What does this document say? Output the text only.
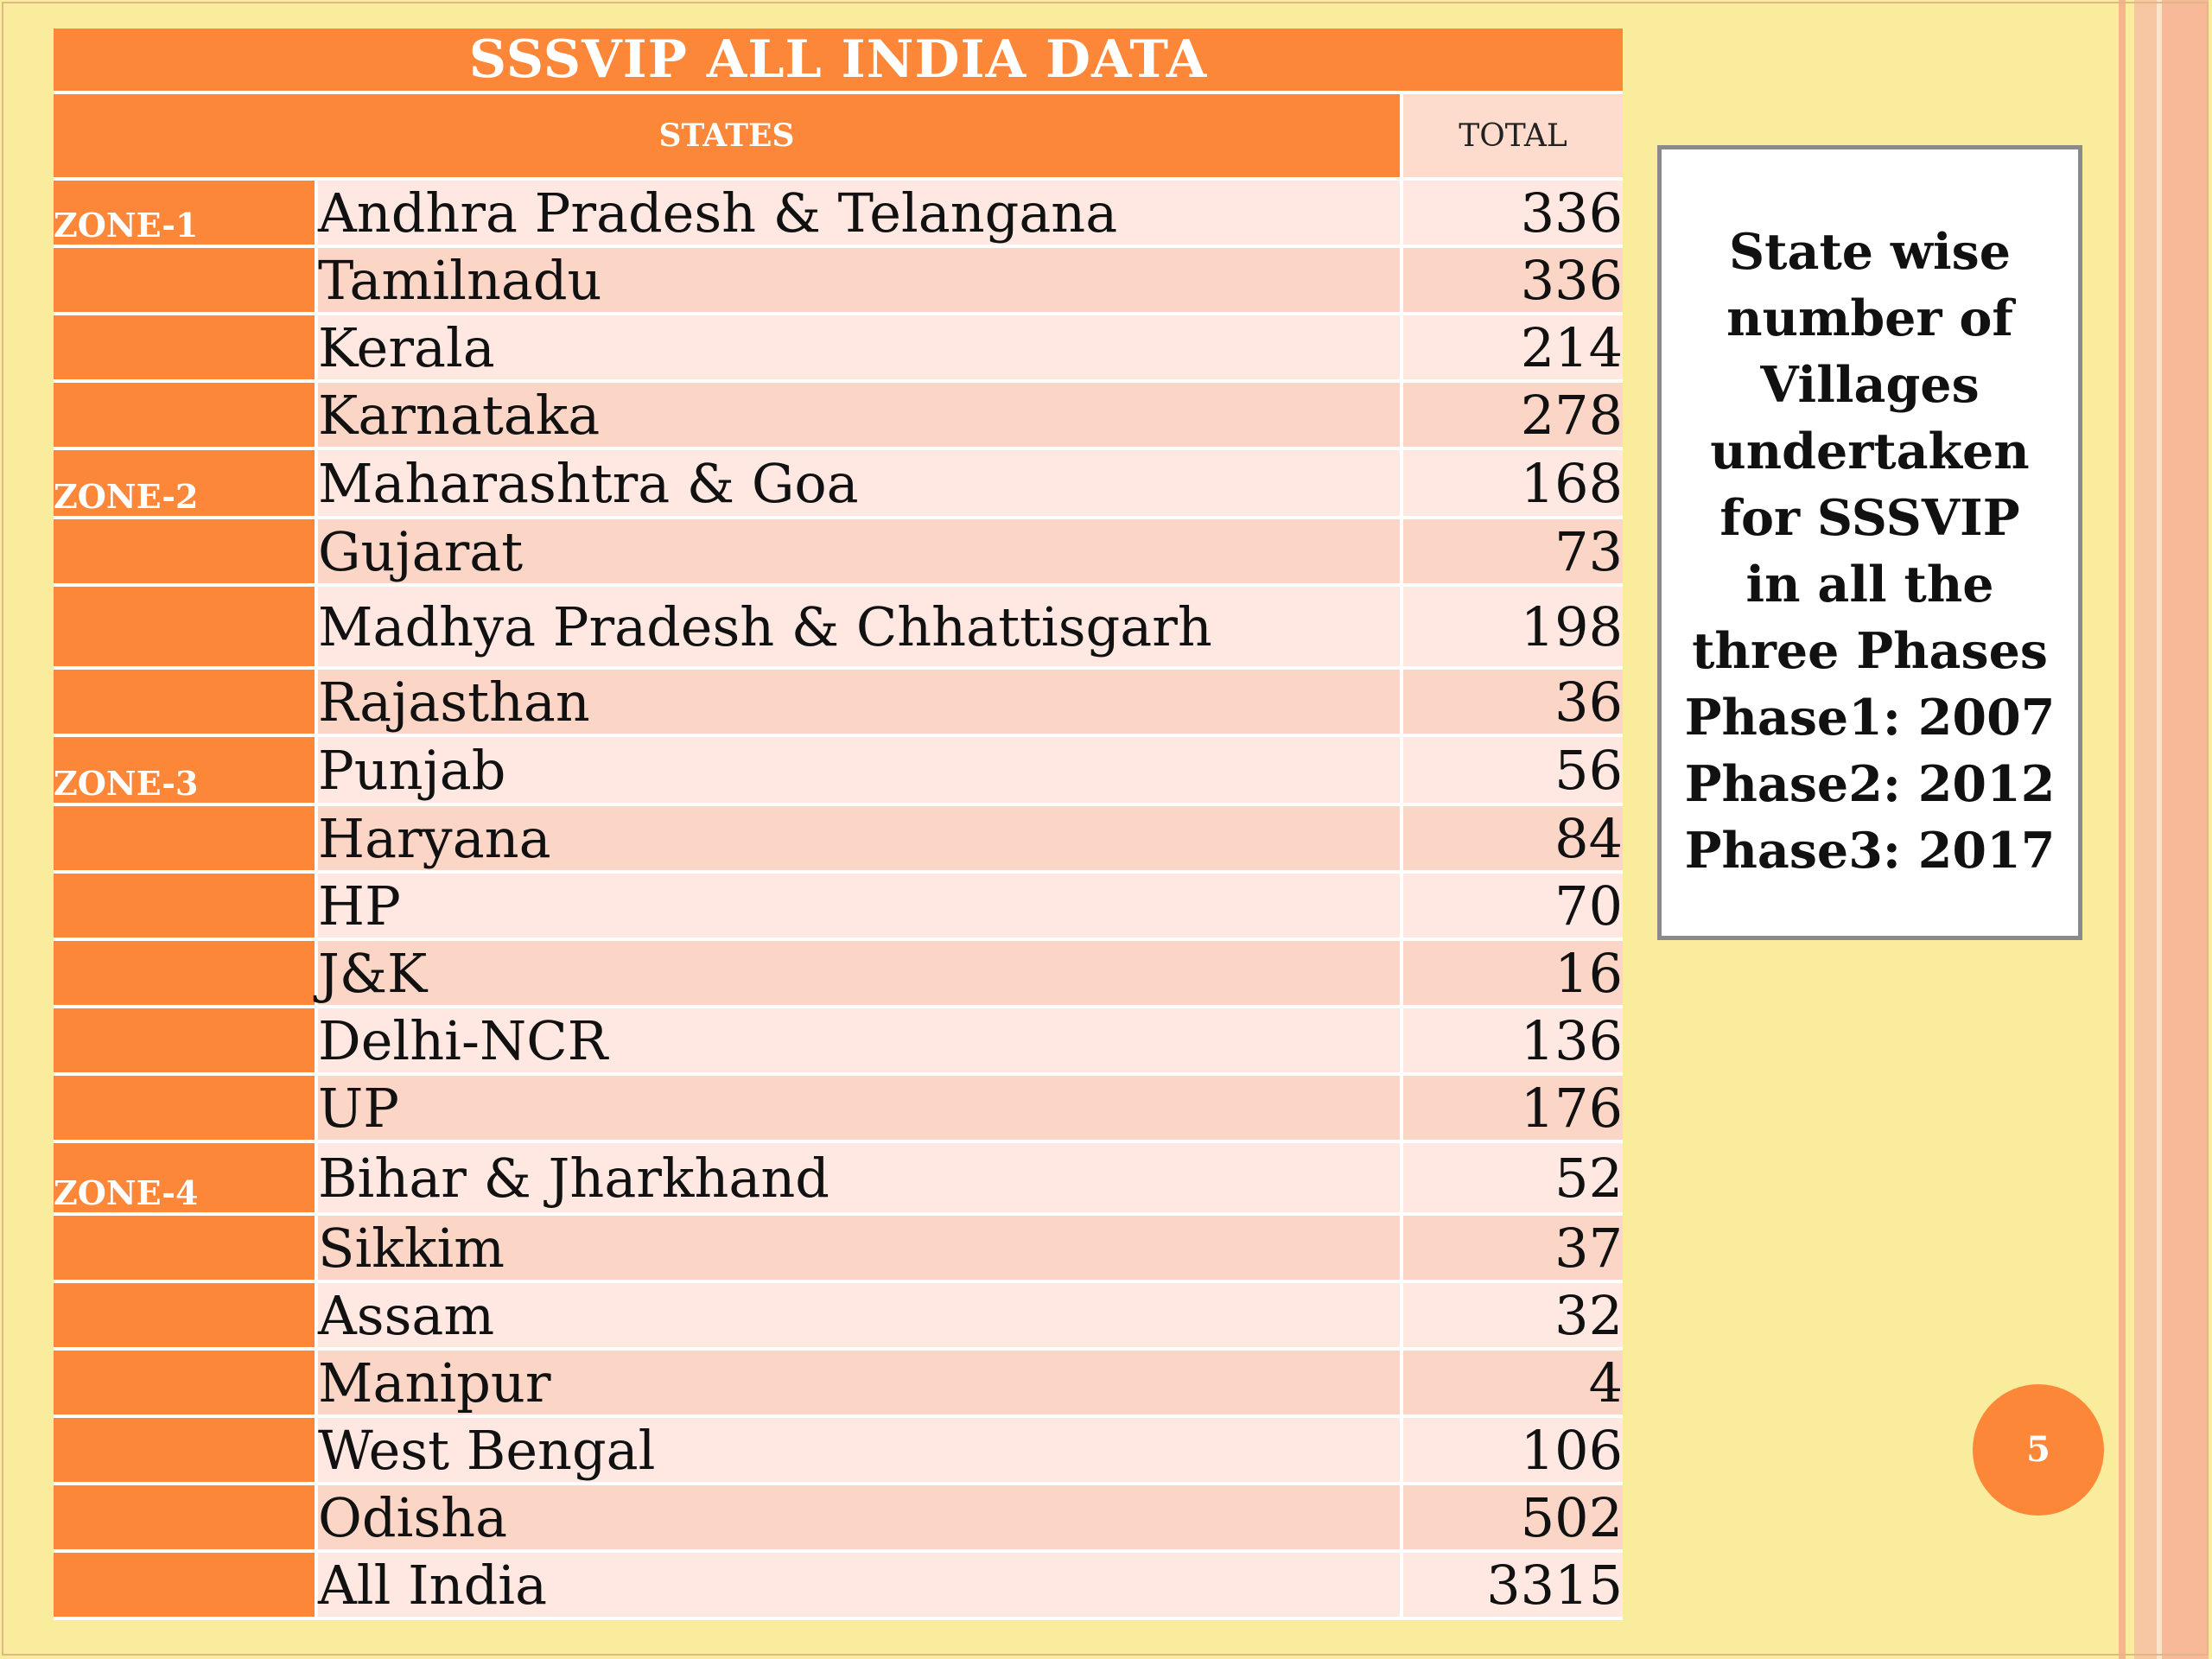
SSSVIP ALL INDIA DATA		
STATES		TOTAL
ZONE-1	Andhra Pradesh & Telangana	336
	Tamilnadu	336
	Kerala	214
	Karnataka	278
ZONE-2	Maharashtra & Goa	168
	Gujarat	73
	Madhya Pradesh & Chhattisgarh	198
	Rajasthan	36
ZONE-3	Punjab	56
	Haryana	84
	HP	70
	J&K	16
	Delhi-NCR	136
	UP	176
ZONE-4	Bihar & Jharkhand	52
	Sikkim	37
	Assam	32
	Manipur	4
	West Bengal	106
	Odisha	502
	All India	3315
State wise
number of
Villages
undertaken
for SSSVIP
in all the
three Phases
Phase1: 2007
Phase2: 2012
Phase3: 2017
5
